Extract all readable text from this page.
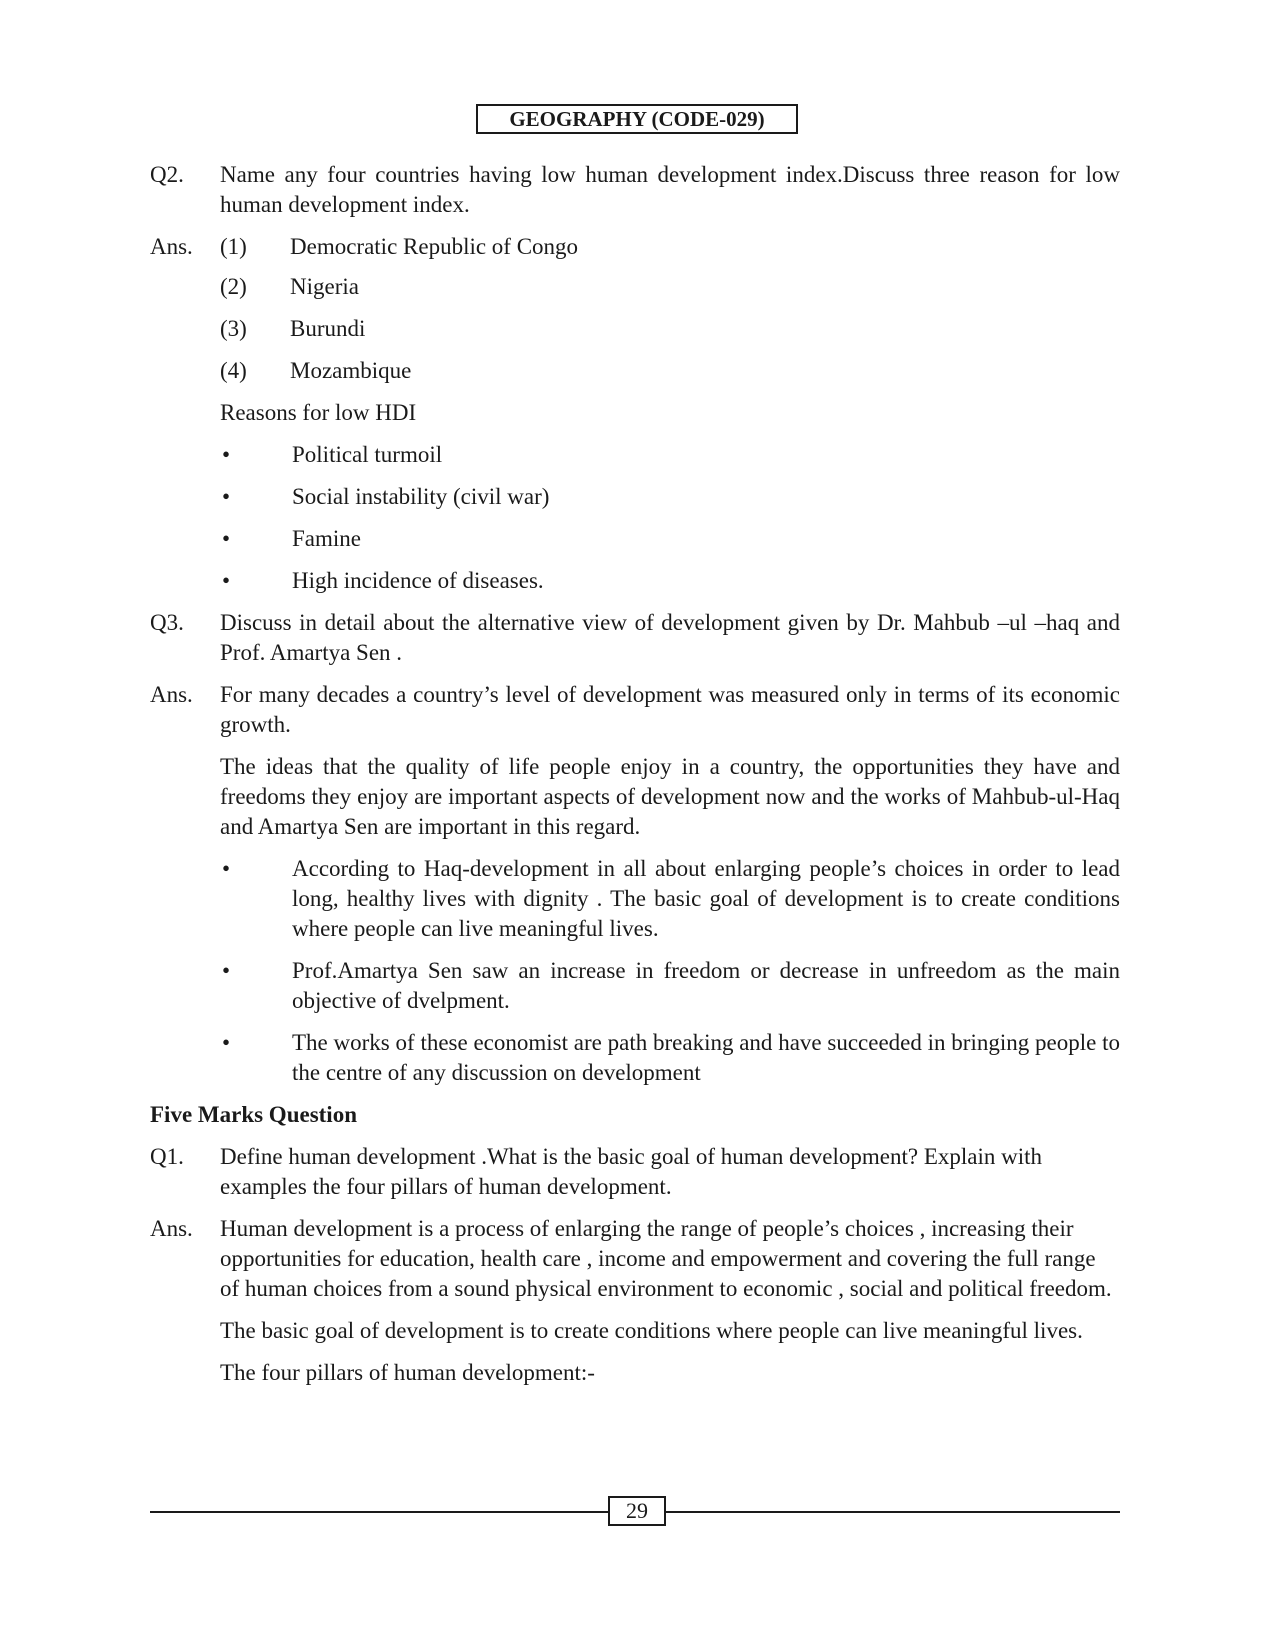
GEOGRAPHY (CODE-029)
Q2.	Name any four countries having low human development index.Discuss three reason for low human development index.
Ans.	(1)	Democratic Republic of Congo
(2)	Nigeria
(3)	Burundi
(4)	Mozambique
Reasons for low HDI
•	Political turmoil
•	Social instability (civil war)
•	Famine
•	High incidence of diseases.
Q3.	Discuss in detail about the alternative view of development given by Dr. Mahbub –ul –haq and Prof. Amartya Sen .
Ans.	For many decades a country’s level of development was measured only in terms of its economic growth.
The ideas that the quality of life people enjoy in a country, the opportunities they have and freedoms they enjoy are important aspects of development now and the works of Mahbub-ul-Haq and Amartya Sen are important in this regard.
•	According to Haq-development in all about enlarging people’s choices in order to lead long, healthy lives with dignity . The basic goal of development is to create conditions where people can live meaningful lives.
•	Prof.Amartya Sen saw an increase in freedom or decrease in unfreedom as the main objective of dvelpment.
•	The works of these economist are path breaking and have succeeded in bringing people to the centre of any discussion on development
Five Marks Question
Q1.	Define human development .What is the basic goal of human development? Explain with examples the four pillars of human development.
Ans.	Human development is a process of enlarging the range of people’s choices , increasing their opportunities for education, health care , income and empowerment and covering the full range of human choices from a sound physical environment to economic , social and political freedom.
The basic goal of development is to create conditions where people can live meaningful lives.
The four pillars of human development:-
29
